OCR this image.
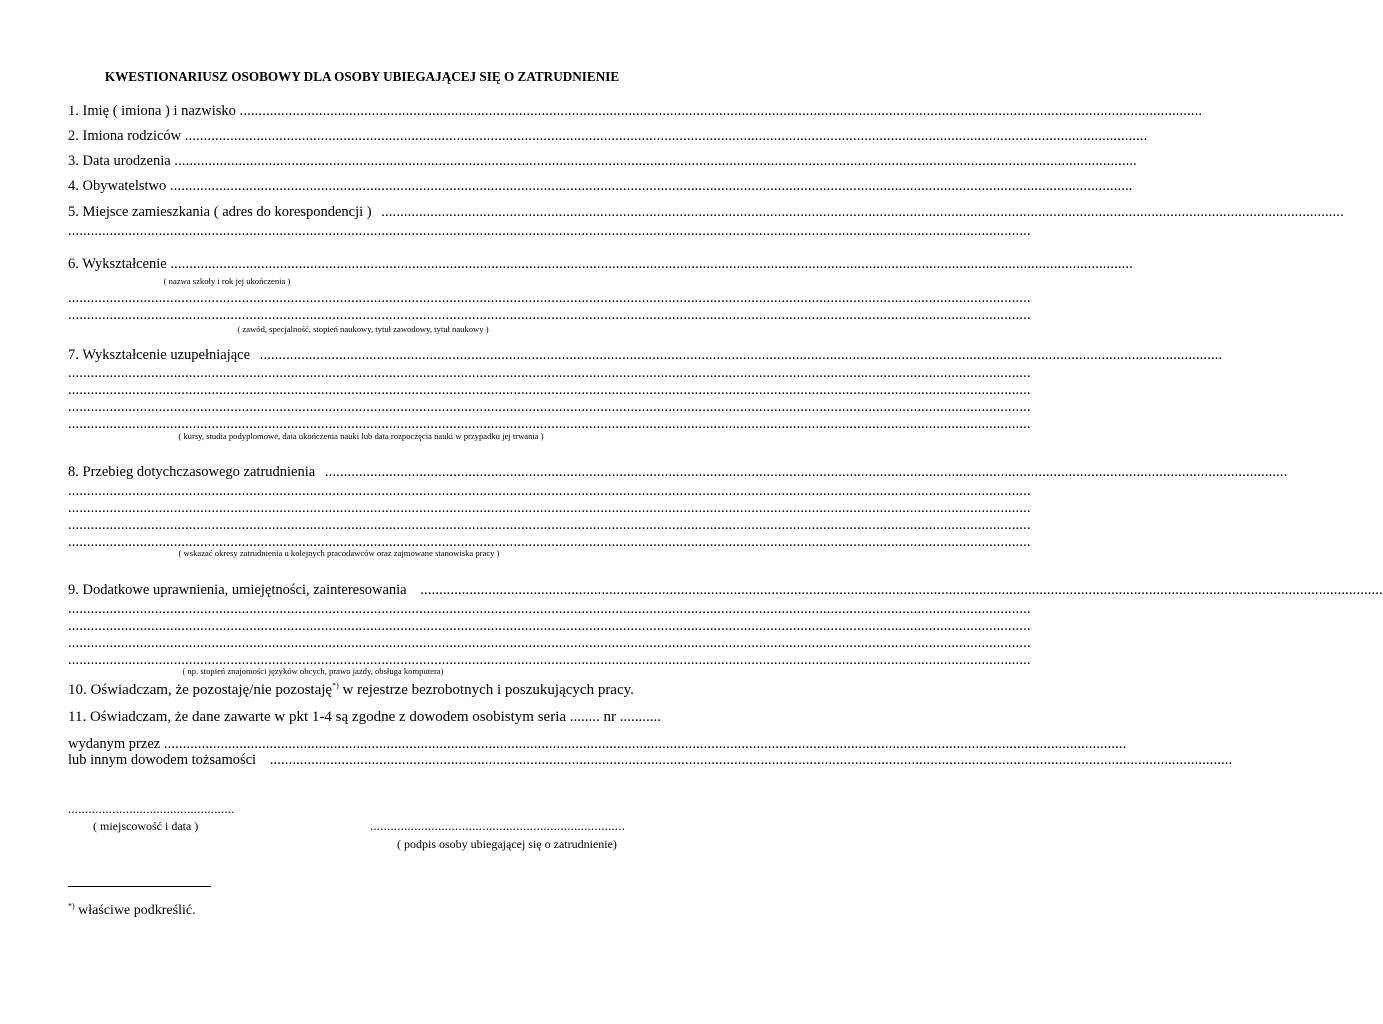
KWESTIONARIUSZ OSOBOWY DLA OSOBY UBIEGAJĄCEJ SIĘ O ZATRUDNIENIE
1. Imię ( imiona ) i nazwisko ...............................................................................................................................................................................................................................................................
2. Imiona rodziców ...............................................................................................................................................................................................................................................................
3. Data urodzenia ...............................................................................................................................................................................................................................................................
4. Obywatelstwo ...............................................................................................................................................................................................................................................................
5. Miejsce zamieszkania ( adres do korespondencji ) ...............................................................................................................................................................................................................................................................
...............................................................................................................................................................................................................................................................
6. Wykształcenie ...............................................................................................................................................................................................................................................................
( nazwa szkoły i rok jej ukończenia )
...............................................................................................................................................................................................................................................................
...............................................................................................................................................................................................................................................................
( zawód, specjalność, stopień naukowy, tytuł zawodowy, tytuł naukowy )
7. Wykształcenie uzupełniające ...............................................................................................................................................................................................................................................................
...............................................................................................................................................................................................................................................................
...............................................................................................................................................................................................................................................................
...............................................................................................................................................................................................................................................................
...............................................................................................................................................................................................................................................................
( kursy, studia podyplomowe, data ukończenia nauki lub data rozpoczęcia nauki w przypadku jej trwania )
8. Przebieg dotychczasowego zatrudnienia ...............................................................................................................................................................................................................................................................
...............................................................................................................................................................................................................................................................
...............................................................................................................................................................................................................................................................
...............................................................................................................................................................................................................................................................
...............................................................................................................................................................................................................................................................
( wskazać okresy zatrudnienia u kolejnych pracodawców oraz zajmowane stanowiska pracy )
9. Dodatkowe uprawnienia, umiejętności, zainteresowania ...............................................................................................................................................................................................................................................................
...............................................................................................................................................................................................................................................................
...............................................................................................................................................................................................................................................................
...............................................................................................................................................................................................................................................................
...............................................................................................................................................................................................................................................................
( np. stopień znajomości języków obcych, prawo jazdy, obsługa komputera)
10. Oświadczam, że pozostaję/nie pozostaję*) w rejestrze bezrobotnych i poszukujących pracy.
11. Oświadczam, że dane zawarte w pkt 1-4 są zgodne z dowodem osobistym seria ........ nr ...........
wydanym przez ...............................................................................................................................................................................................................................................................
lub innym dowodem tożsamości ...............................................................................................................................................................................................................................................................
.................................................
( miejscowość i data )	...........................................................................
( podpis osoby ubiegającej się o zatrudnienie)
*) właściwe podkreślić.
